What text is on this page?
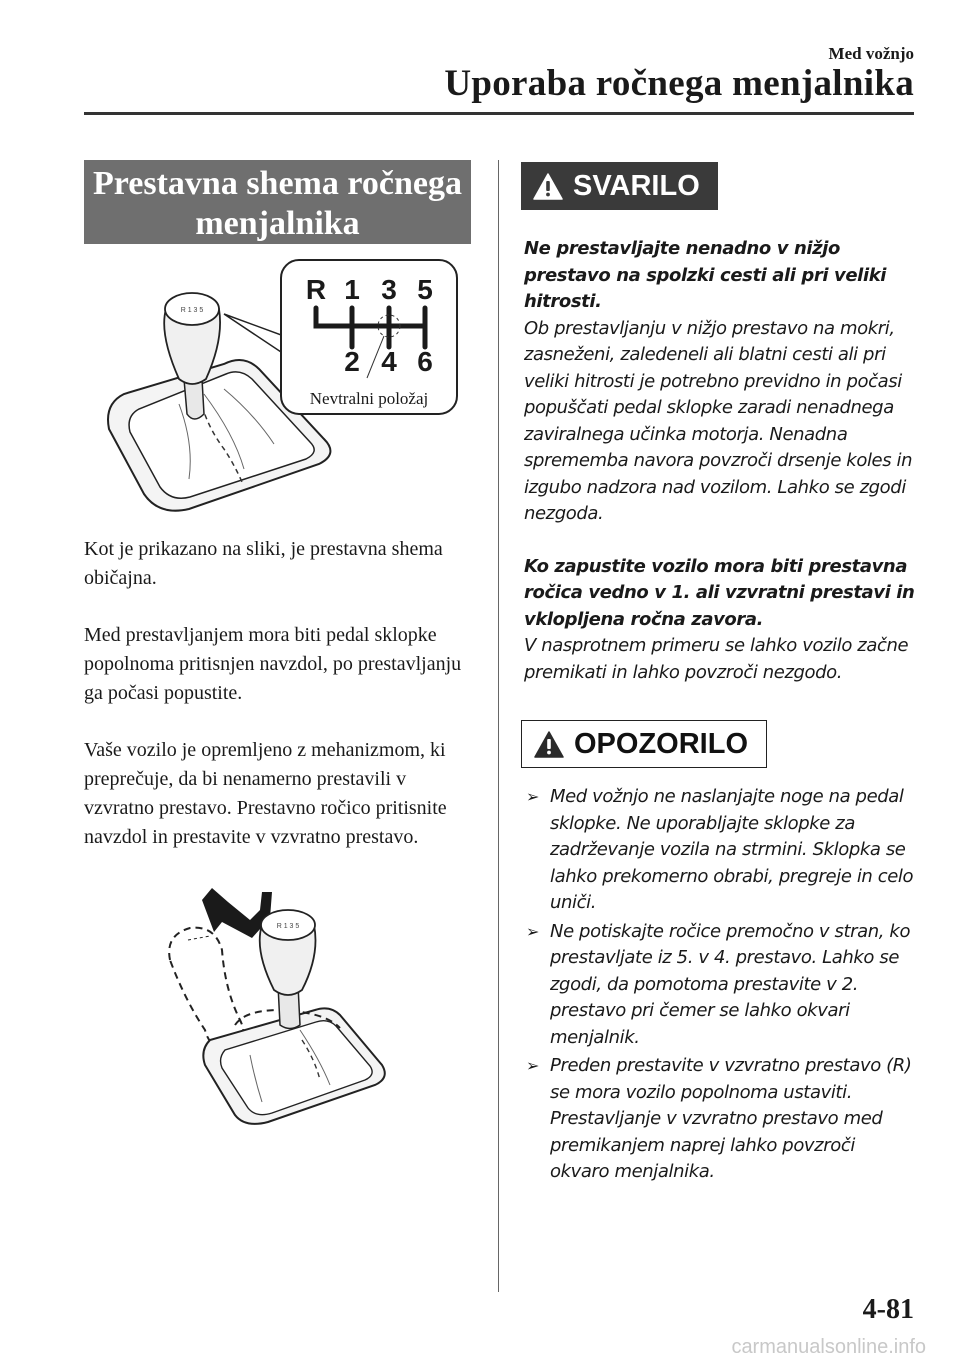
Med vožnjo
Uporaba ročnega menjalnika
Prestavna shema ročnega
menjalnika
R 1 3 5
R 1 3 5
2 4 6
Nevtralni položaj

Kot je prikazano na sliki, je prestavna shema običajna.

Med prestavljanjem mora biti pedal sklopke popolnoma pritisnjen navzdol, po prestavljanju ga počasi popustite.

Vaše vozilo je opremljeno z mehanizmom, ki preprečuje, da bi nenamerno prestavili v vzvratno prestavo. Prestavno ročico pritisnite navzdol in prestavite v vzvratno prestavo.

R 1 3 5
SVARILO

Ne prestavljajte nenadno v nižjo prestavo na spolzki cesti ali pri veliki hitrosti.

Ob prestavljanju v nižjo prestavo na mokri, zasneženi, zaledeneli ali blatni cesti ali pri veliki hitrosti je potrebno previdno in počasi popuščati pedal sklopke zaradi nenadnega zaviralnega učinka motorja. Nenadna sprememba navora povzroči drsenje koles in izgubo nadzora nad vozilom. Lahko se zgodi nezgoda.

Ko zapustite vozilo mora biti prestavna ročica vedno v 1. ali vzvratni prestavi in vklopljena ročna zavora.

V nasprotnem primeru se lahko vozilo začne premikati in lahko povzroči nezgodo.

OPOZORILO
➢ Med vožnjo ne naslanjajte noge na pedal sklopke. Ne uporabljajte sklopke za zadrževanje vozila na strmini. Sklopka se lahko prekomerno obrabi, pregreje in celo uniči.
➢ Ne potiskajte ročice premočno v stran, ko prestavljate iz 5. v 4. prestavo. Lahko se zgodi, da pomotoma prestavite v 2. prestavo pri čemer se lahko okvari menjalnik.
➢ Preden prestavite v vzvratno prestavo (R) se mora vozilo popolnoma ustaviti. Prestavljanje v vzvratno prestavo med premikanjem naprej lahko povzroči okvaro menjalnika.
4-81
carmanualsonline.info
